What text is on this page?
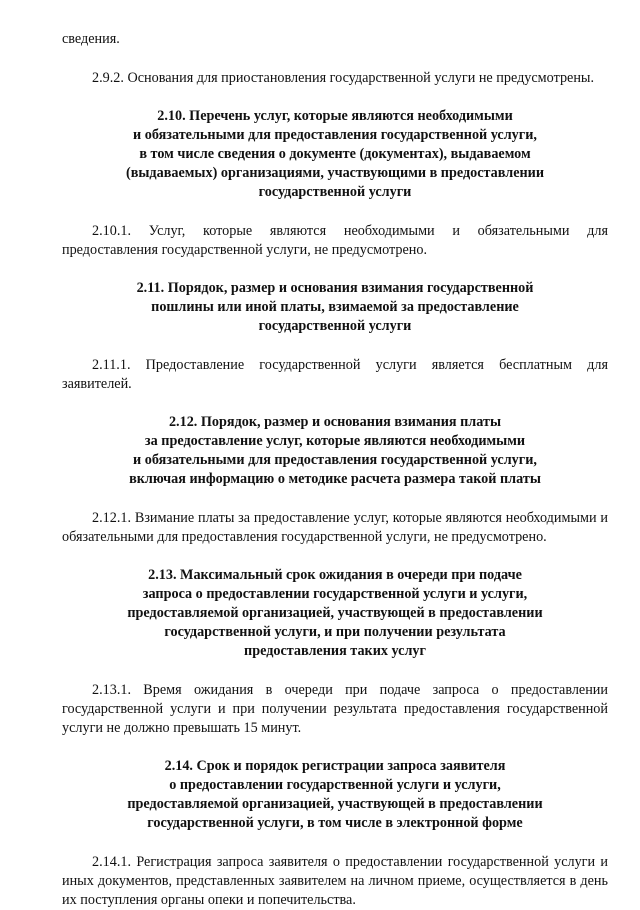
сведения.

2.9.2. Основания для приостановления государственной услуги не предусмотрены.

2.10. Перечень услуг, которые являются необходимыми
и обязательными для предоставления государственной услуги,
в том числе сведения о документе (документах), выдаваемом
(выдаваемых) организациями, участвующими в предоставлении
государственной услуги

2.10.1. Услуг, которые являются необходимыми и обязательными для предоставления государственной услуги, не предусмотрено.

2.11. Порядок, размер и основания взимания государственной
пошлины или иной платы, взимаемой за предоставление
государственной услуги

2.11.1. Предоставление государственной услуги является бесплатным для заявителей.

2.12. Порядок, размер и основания взимания платы
за предоставление услуг, которые являются необходимыми
и обязательными для предоставления государственной услуги,
включая информацию о методике расчета размера такой платы

2.12.1. Взимание платы за предоставление услуг, которые являются необходимыми и обязательными для предоставления государственной услуги, не предусмотрено.

2.13. Максимальный срок ожидания в очереди при подаче
запроса о предоставлении государственной услуги и услуги,
предоставляемой организацией, участвующей в предоставлении
государственной услуги, и при получении результата
предоставления таких услуг

2.13.1. Время ожидания в очереди при подаче запроса о предоставлении государственной услуги и при получении результата предоставления государственной услуги не должно превышать 15 минут.

2.14. Срок и порядок регистрации запроса заявителя
о предоставлении государственной услуги и услуги,
предоставляемой организацией, участвующей в предоставлении
государственной услуги, в том числе в электронной форме

2.14.1. Регистрация запроса заявителя о предоставлении государственной услуги и иных документов, представленных заявителем на личном приеме, осуществляется в день их поступления органы опеки и попечительства.
